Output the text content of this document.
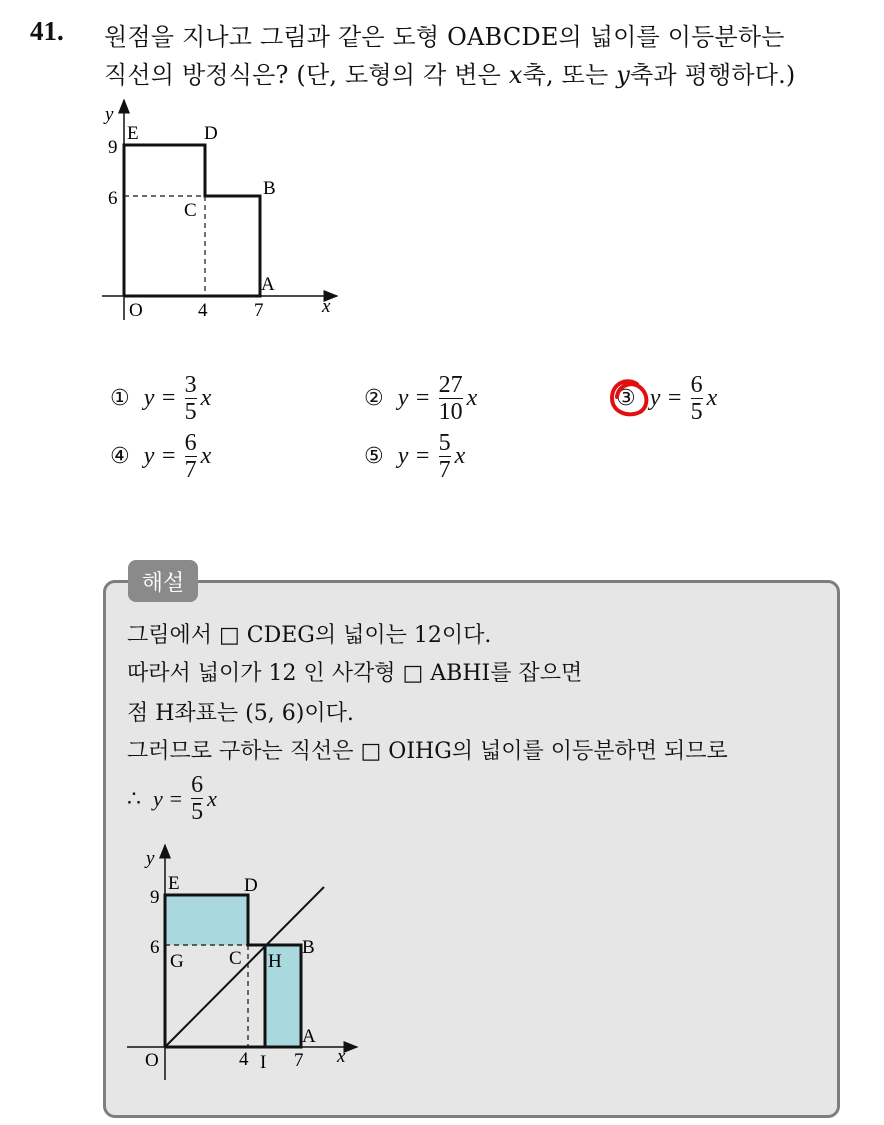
41. 원점을 지나고 그림과 같은 도형 OABCDE의 넓이를 이등분하는
직선의 방정식은? (단, 도형의 각 변은 x축, 또는 y축과 평행하다.)
y
x
E	D
B
C
A
O
9
6
4 7
① $y = \frac{3}{5}$ x	② $y = \frac{27}{10}$ x	③ $y = \frac{6}{5}$ x
④ $y = \frac{6}{7}$ x	⑤ $y = \frac{5}{7}$ x
해설
그림에서 □ CDEG의 넓이는 12이다.
따라서 넓이가 12 인 사각형 □ ABHI를 잡으면
점 H좌표는 (5, 6)이다.
그러므로 구하는 직선은 □ OIHG의 넓이를 이등분하면 되므로
∴ $y = \frac{6}{5}$ x
y
x
E	D
B
G C H
A
O	I
9
6
4 7
